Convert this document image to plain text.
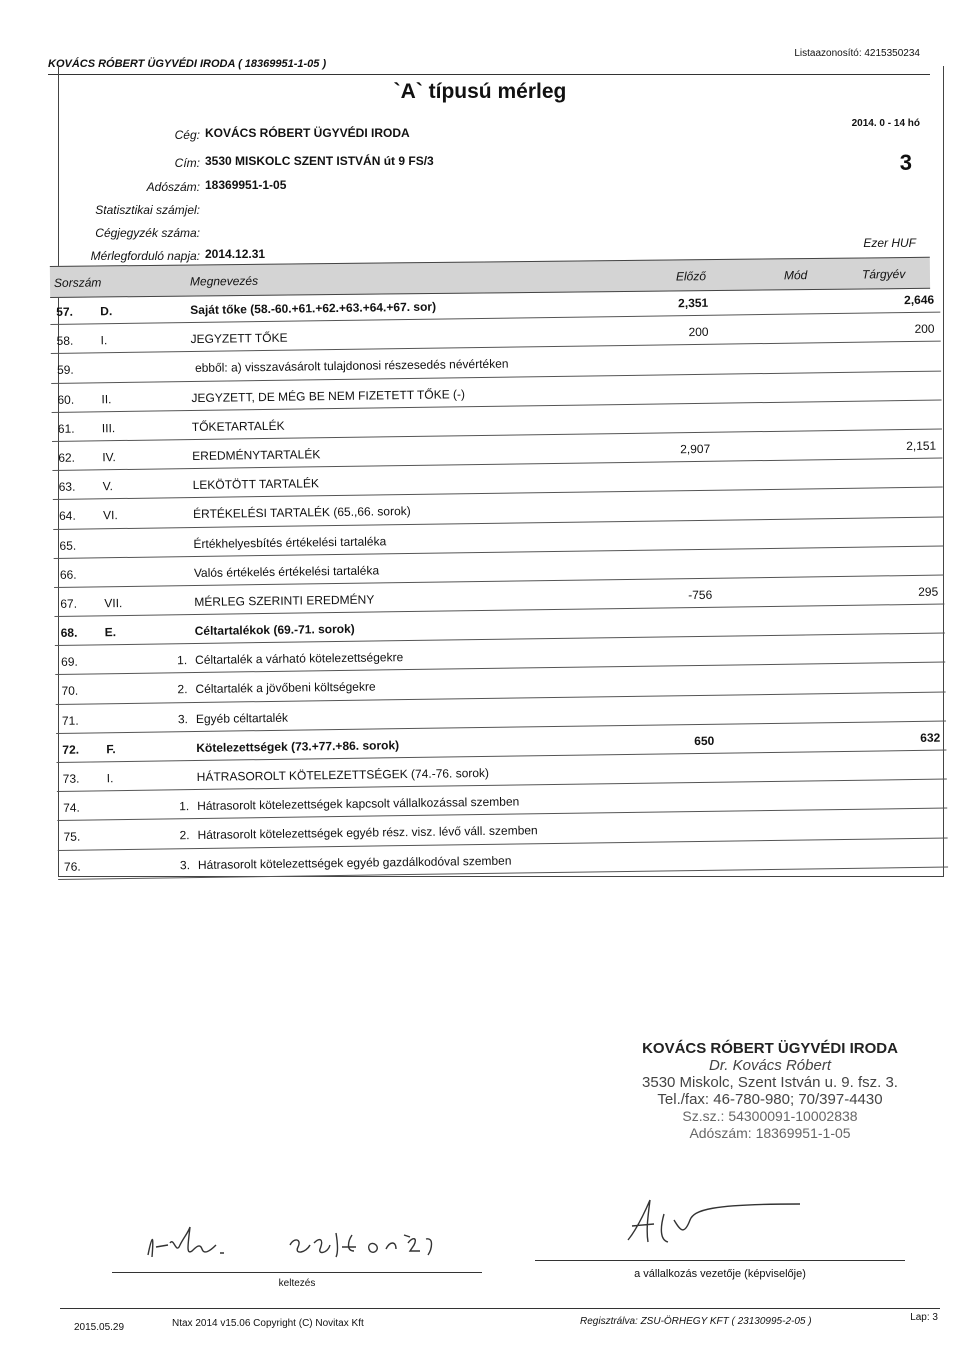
KOVÁCS RÓBERT ÜGYVÉDI IRODA ( 18369951-1-05 )
Listaazonosító: 4215350234
`A` típusú mérleg
Cég: KOVÁCS RÓBERT ÜGYVÉDI IRODA
Cím: 3530 MISKOLC SZENT ISTVÁN út 9 FS/3
Adószám: 18369951-1-05
Statisztikai számjel:
Cégjegyzék száma:
Mérlegforduló napja: 2014.12.31
2014. 0 - 14 hó
3
Ezer HUF
Sorszám	Megnevezés	Előző	Mód	Tárgyév
57. D.	Saját tőke (58.-60.+61.+62.+63.+64.+67. sor)	2,351	2,646
58. I.	JEGYZETT TŐKE	200	200
59.	ebből: a) visszavásárolt tulajdonosi részesedés névértéken
60. II.	JEGYZETT, DE MÉG BE NEM FIZETETT TŐKE (-)
61. III.	TŐKETARTALÉK
62. IV.	EREDMÉNYTARTALÉK	2,907	2,151
63. V.	LEKÖTÖTT TARTALÉK
64. VI.	ÉRTÉKELÉSI TARTALÉK (65.,66. sorok)
65.	Értékhelyesbítés értékelési tartaléka
66.	Valós értékelés értékelési tartaléka
67. VII.	MÉRLEG SZERINTI EREDMÉNY	-756	295
68. E.	Céltartalékok (69.-71. sorok)
69.	1. Céltartalék a várható kötelezettségekre
70.	2. Céltartalék a jövőbeni költségekre
71.	3. Egyéb céltartalék
72. F.	Kötelezettségek (73.+77.+86. sorok)	650	632
73. I.	HÁTRASOROLT KÖTELEZETTSÉGEK (74.-76. sorok)
74.	1. Hátrasorolt kötelezettségek kapcsolt vállalkozással szemben
75.	2. Hátrasorolt kötelezettségek egyéb rész. visz. lévő váll. szemben
76.	3. Hátrasorolt kötelezettségek egyéb gazdálkodóval szemben
KOVÁCS RÓBERT ÜGYVÉDI IRODA
Dr. Kovács Róbert
3530 Miskolc, Szent István u. 9. fsz. 3.
Tel./fax: 46-780-980; 70/397-4430
Sz.sz.: 54300091-10002838
Adószám: 18369951-1-05
keltezés
a vállalkozás vezetője (képviselője)
2015.05.29	Ntax 2014 v15.06 Copyright (C) Novitax Kft	Regisztrálva: ZSU-ÖRHEGY KFT ( 23130995-2-05 )	Lap: 3
